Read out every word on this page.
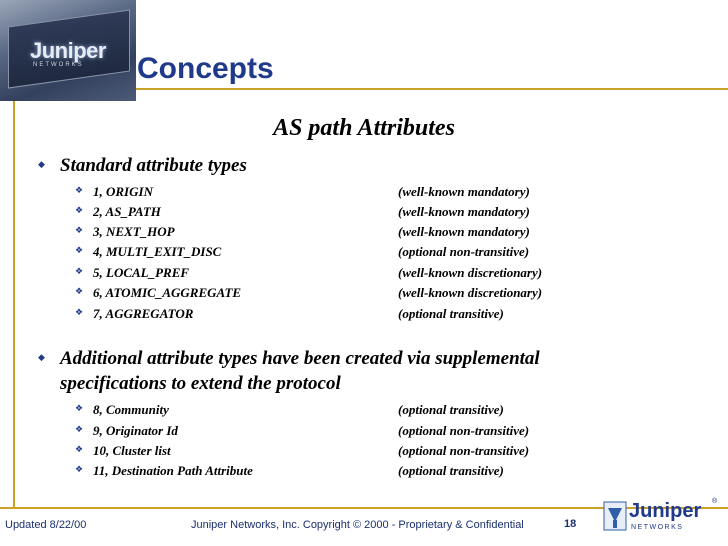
Juniper
NETWORKS Concepts
AS path Attributes
◆ Standard attribute types
❖ 1, ORIGIN	(well-known mandatory)
❖ 2, AS_PATH	(well-known mandatory)
❖ 3, NEXT_HOP	(well-known mandatory)
❖ 4, MULTI_EXIT_DISC	(optional non-transitive)
❖ 5, LOCAL_PREF	(well-known discretionary)
❖ 6, ATOMIC_AGGREGATE	(well-known discretionary)
❖ 7, AGGREGATOR	(optional transitive)
◆ Additional attribute types have been created via supplemental
specifications to extend the protocol
❖ 8, Community	(optional transitive)
❖ 9, Originator Id	(optional non-transitive)
❖ 10, Cluster list	(optional non-transitive)
❖ 11, Destination Path Attribute	(optional transitive)
Updated 8/22/00	Juniper Networks, Inc. Copyright © 2000 - Proprietary & Confidential	18
®
Juniper
NETWORKS
